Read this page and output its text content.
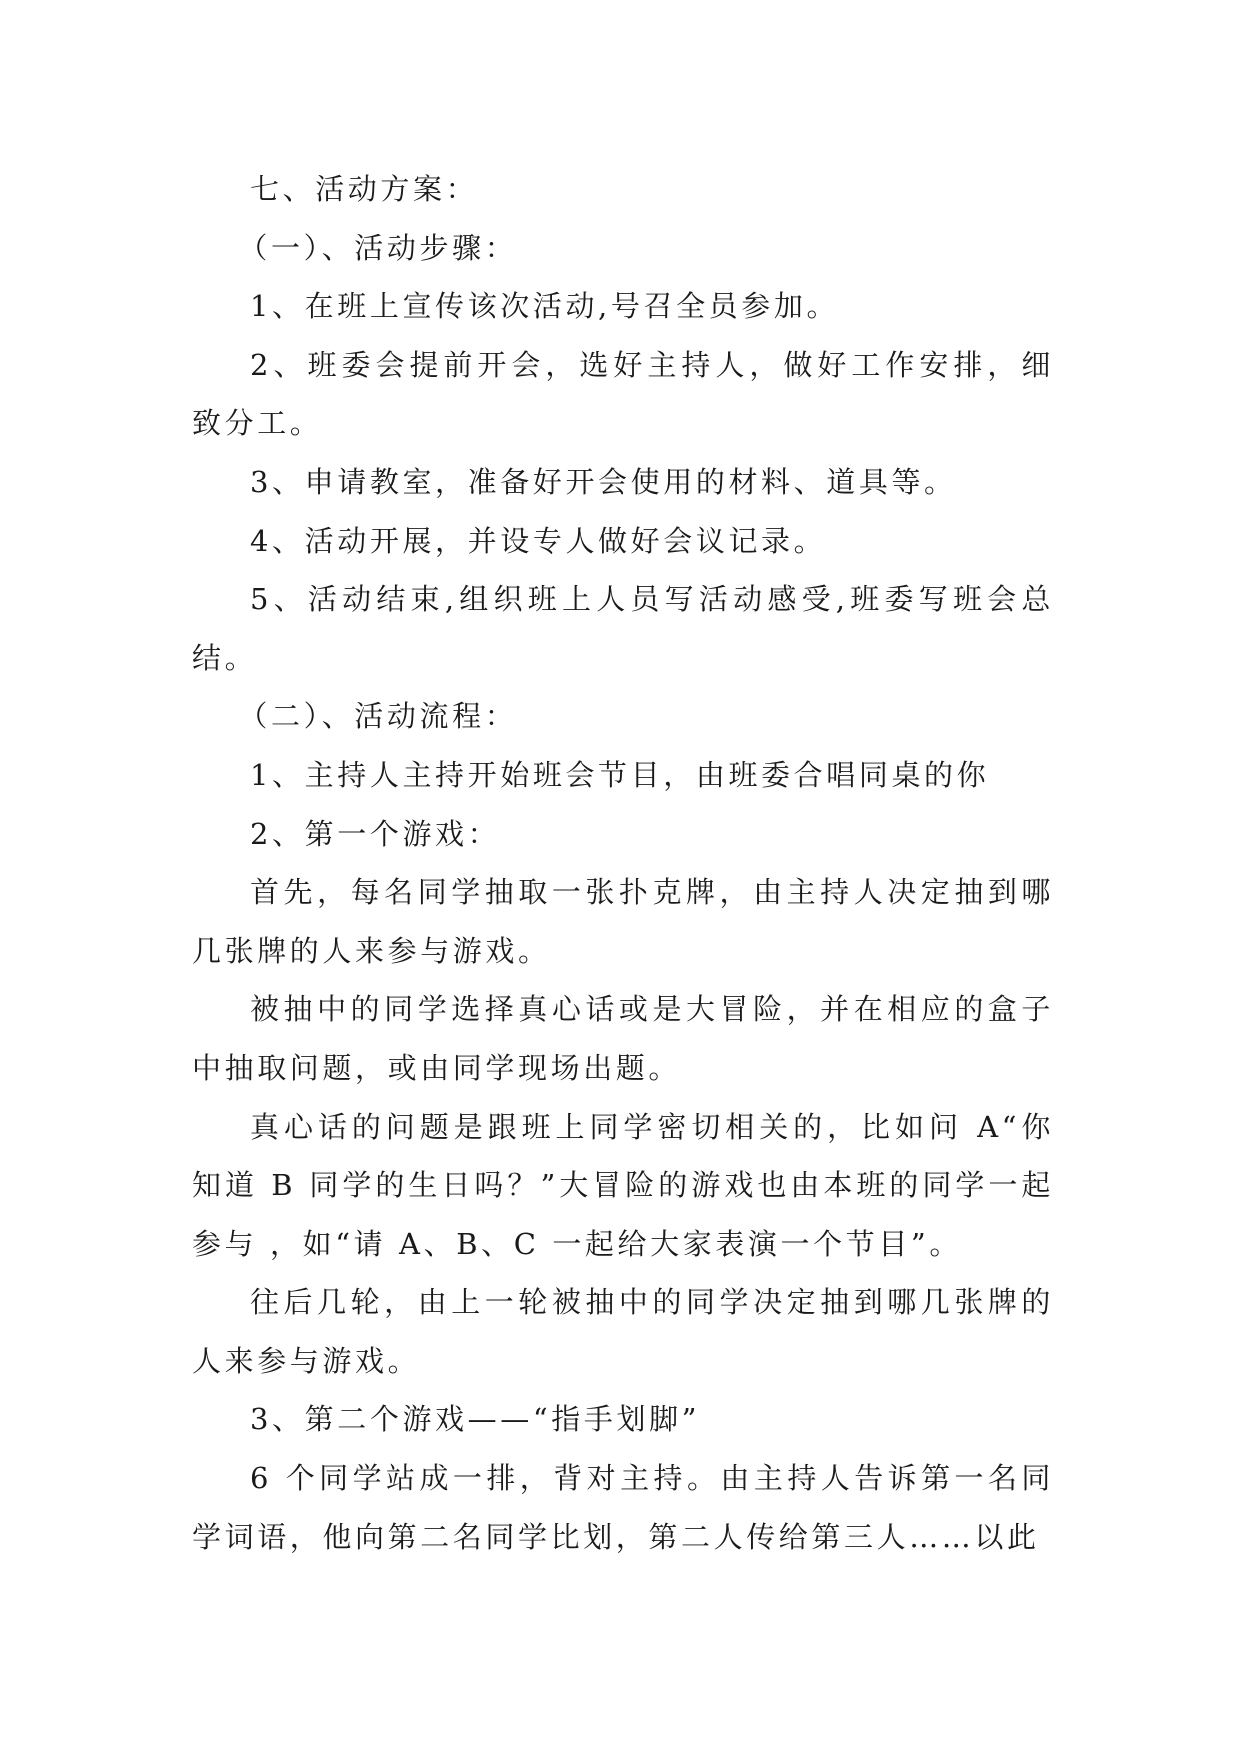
七、活动方案：

（一）、活动步骤：

1、在班上宣传该次活动,号召全员参加。

2、班委会提前开会，选好主持人，做好工作安排，细致分工。

3、申请教室，准备好开会使用的材料、道具等。

4、活动开展，并设专人做好会议记录。

5、活动结束,组织班上人员写活动感受,班委写班会总结。

（二）、活动流程：

1、主持人主持开始班会节目，由班委合唱同桌的你

2、第一个游戏：

首先，每名同学抽取一张扑克牌，由主持人决定抽到哪几张牌的人来参与游戏。

被抽中的同学选择真心话或是大冒险，并在相应的盒子中抽取问题，或由同学现场出题。

真心话的问题是跟班上同学密切相关的，比如问 A“你知道 B 同学的生日吗？”大冒险的游戏也由本班的同学一起参与 ，如“请 A、B、C 一起给大家表演一个节目”。

往后几轮，由上一轮被抽中的同学决定抽到哪几张牌的人来参与游戏。

3、第二个游戏——“指手划脚”

6 个同学站成一排，背对主持。由主持人告诉第一名同学词语，他向第二名同学比划，第二人传给第三人……以此
